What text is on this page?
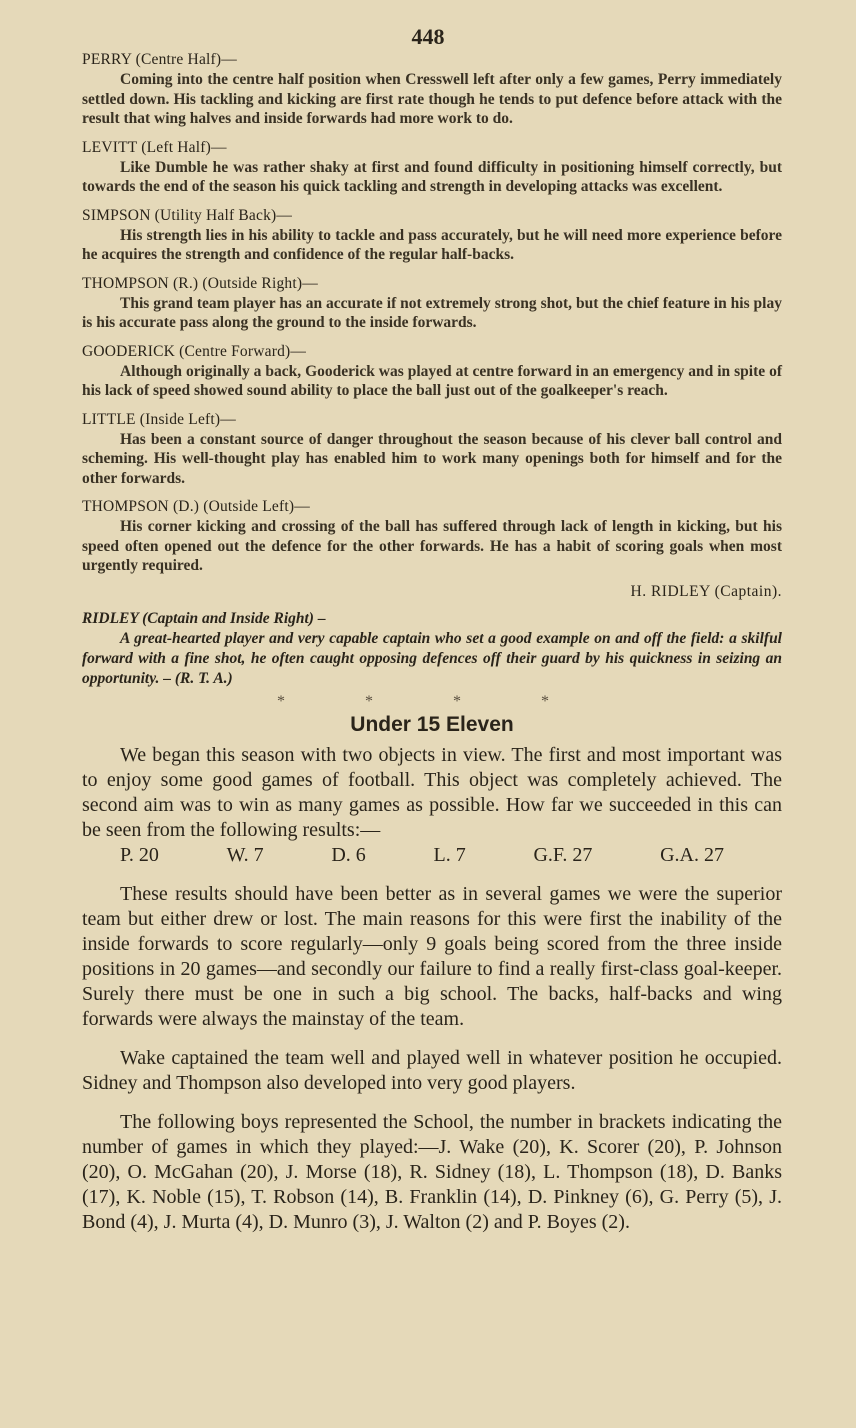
448
PERRY (Centre Half)—
Coming into the centre half position when Cresswell left after only a few games, Perry immediately settled down. His tackling and kicking are first rate though he tends to put defence before attack with the result that wing halves and inside forwards had more work to do.
LEVITT (Left Half)—
Like Dumble he was rather shaky at first and found difficulty in positioning himself correctly, but towards the end of the season his quick tackling and strength in developing attacks was excellent.
SIMPSON (Utility Half Back)—
His strength lies in his ability to tackle and pass accurately, but he will need more experience before he acquires the strength and confidence of the regular half-backs.
THOMPSON (R.) (Outside Right)—
This grand team player has an accurate if not extremely strong shot, but the chief feature in his play is his accurate pass along the ground to the inside forwards.
GOODERICK (Centre Forward)—
Although originally a back, Gooderick was played at centre forward in an emergency and in spite of his lack of speed showed sound ability to place the ball just out of the goalkeeper's reach.
LITTLE (Inside Left)—
Has been a constant source of danger throughout the season because of his clever ball control and scheming. His well-thought play has enabled him to work many openings both for himself and for the other forwards.
THOMPSON (D.) (Outside Left)—
His corner kicking and crossing of the ball has suffered through lack of length in kicking, but his speed often opened out the defence for the other forwards. He has a habit of scoring goals when most urgently required.
H. RIDLEY (Captain).
RIDLEY (Captain and Inside Right) –
A great-hearted player and very capable captain who set a good example on and off the field: a skilful forward with a fine shot, he often caught opposing defences off their guard by his quickness in seizing an opportunity. – (R. T. A.)
* * * *
Under 15 Eleven

We began this season with two objects in view. The first and most important was to enjoy some good games of football. This object was completely achieved. The second aim was to win as many games as possible. How far we succeeded in this can be seen from the following results:—

P. 20	W. 7	D. 6	L. 7	G.F. 27	G.A. 27

These results should have been better as in several games we were the superior team but either drew or lost. The main reasons for this were first the inability of the inside forwards to score regularly—only 9 goals being scored from the three inside positions in 20 games—and secondly our failure to find a really first-class goal-keeper. Surely there must be one in such a big school. The backs, half-backs and wing forwards were always the mainstay of the team.

Wake captained the team well and played well in whatever position he occupied. Sidney and Thompson also developed into very good players.

The following boys represented the School, the number in brackets indicating the number of games in which they played:—J. Wake (20), K. Scorer (20), P. Johnson (20), O. McGahan (20), J. Morse (18), R. Sidney (18), L. Thompson (18), D. Banks (17), K. Noble (15), T. Robson (14), B. Franklin (14), D. Pinkney (6), G. Perry (5), J. Bond (4), J. Murta (4), D. Munro (3), J. Walton (2) and P. Boyes (2).
